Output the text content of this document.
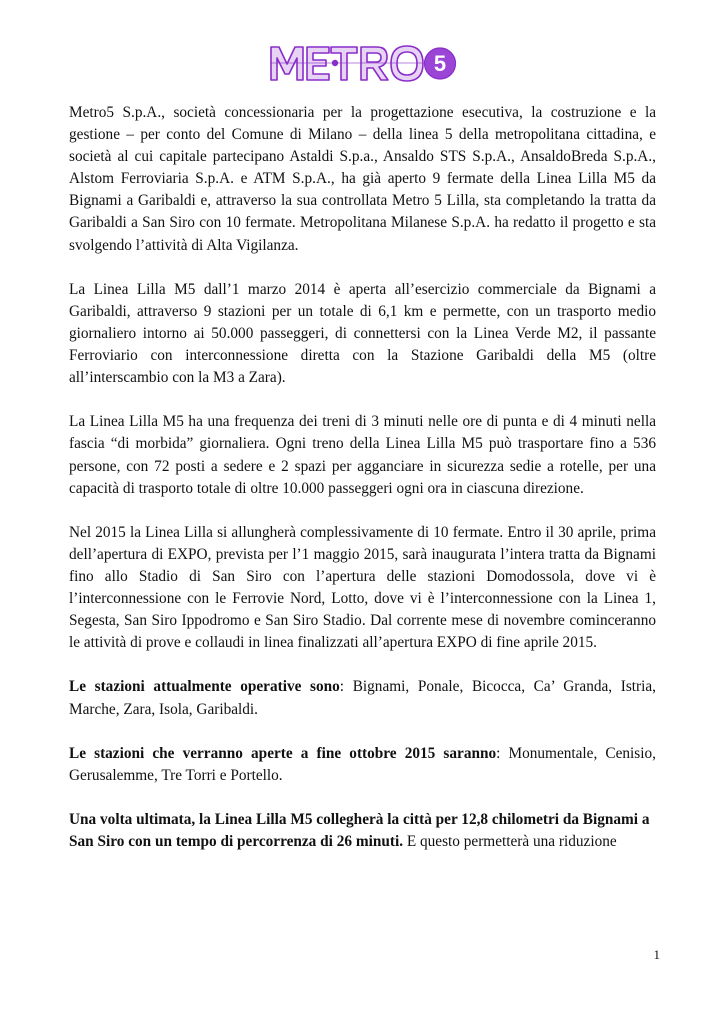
5

Metro5 S.p.A., società concessionaria per la progettazione esecutiva, la costruzione e la gestione – per conto del Comune di Milano – della linea 5 della metropolitana cittadina, e società al cui capitale partecipano Astaldi S.p.a., Ansaldo STS S.p.A., AnsaldoBreda S.p.A., Alstom Ferroviaria S.p.A. e ATM S.p.A., ha già aperto 9 fermate della Linea Lilla M5 da Bignami a Garibaldi e, attraverso la sua controllata Metro 5 Lilla, sta completando la tratta da Garibaldi a San Siro con 10 fermate. Metropolitana Milanese S.p.A. ha redatto il progetto e sta svolgendo l’attività di Alta Vigilanza.

La Linea Lilla M5 dall’1 marzo 2014 è aperta all’esercizio commerciale da Bignami a Garibaldi, attraverso 9 stazioni per un totale di 6,1 km e permette, con un trasporto medio giornaliero intorno ai 50.000 passeggeri, di connettersi con la Linea Verde M2, il passante Ferroviario con interconnessione diretta con la Stazione Garibaldi della M5 (oltre all’interscambio con la M3 a Zara).

La Linea Lilla M5 ha una frequenza dei treni di 3 minuti nelle ore di punta e di 4 minuti nella fascia “di morbida” giornaliera. Ogni treno della Linea Lilla M5 può trasportare fino a 536 persone, con 72 posti a sedere e 2 spazi per agganciare in sicurezza sedie a rotelle, per una capacità di trasporto totale di oltre 10.000 passeggeri ogni ora in ciascuna direzione.

Nel 2015 la Linea Lilla si allungherà complessivamente di 10 fermate. Entro il 30 aprile, prima dell’apertura di EXPO, prevista per l’1 maggio 2015, sarà inaugurata l’intera tratta da Bignami fino allo Stadio di San Siro con l’apertura delle stazioni Domodossola, dove vi è l’interconnessione con le Ferrovie Nord, Lotto, dove vi è l’interconnessione con la Linea 1, Segesta, San Siro Ippodromo e San Siro Stadio. Dal corrente mese di novembre cominceranno le attività di prove e collaudi in linea finalizzati all’apertura EXPO di fine aprile 2015.

Le stazioni attualmente operative sono: Bignami, Ponale, Bicocca, Ca’ Granda, Istria, Marche, Zara, Isola, Garibaldi.

Le stazioni che verranno aperte a fine ottobre 2015 saranno: Monumentale, Cenisio, Gerusalemme, Tre Torri e Portello.

Una volta ultimata, la Linea Lilla M5 collegherà la città per 12,8 chilometri da Bignami a San Siro con un tempo di percorrenza di 26 minuti. E questo permetterà una riduzione

1
